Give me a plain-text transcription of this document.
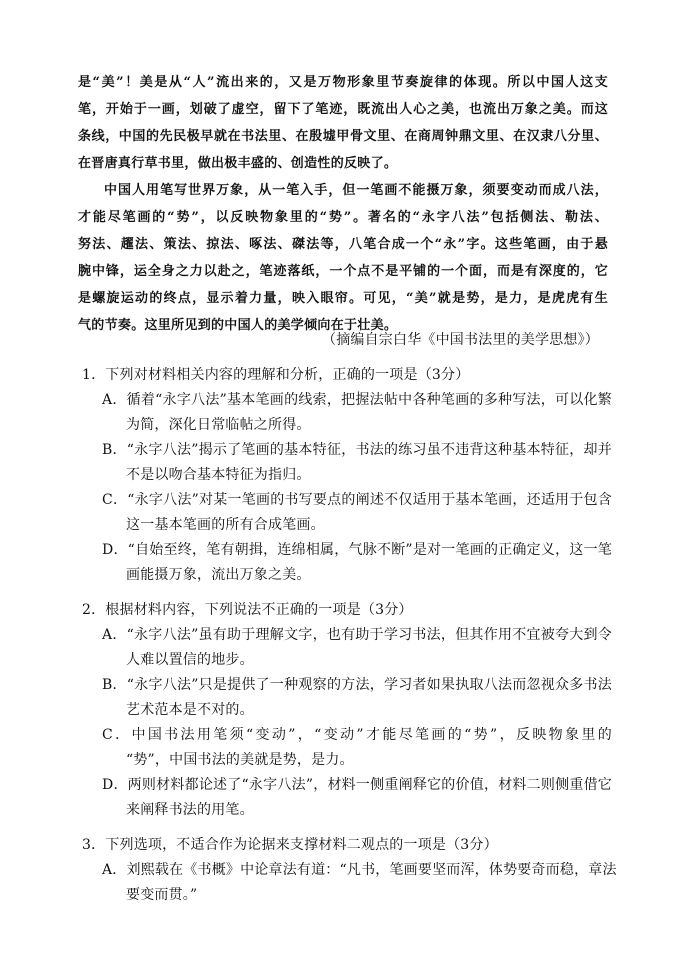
是“美”！美是从“人”流出来的，又是万物形象里节奏旋律的体现。所以中国人这支
笔，开始于一画，划破了虚空，留下了笔迹，既流出人心之美，也流出万象之美。而这
条线，中国的先民极早就在书法里、在殷墟甲骨文里、在商周钟鼎文里、在汉隶八分里、
在晋唐真行草书里，做出极丰盛的、创造性的反映了。
中国人用笔写世界万象，从一笔入手，但一笔画不能摄万象，须要变动而成八法，
才能尽笔画的“势”，以反映物象里的“势”。著名的“永字八法”包括侧法、勒法、
努法、趯法、策法、掠法、啄法、磔法等，八笔合成一个“永”字。这些笔画，由于悬
腕中锋，运全身之力以赴之，笔迹落纸，一个点不是平铺的一个面，而是有深度的，它
是螺旋运动的终点，显示着力量，映入眼帘。可见，“美”就是势，是力，是虎虎有生
气的节奏。这里所见到的中国人的美学倾向在于壮美。
（摘编自宗白华《中国书法里的美学思想》）
1．下列对材料相关内容的理解和分析，正确的一项是（3分）
A．循着“永字八法”基本笔画的线索，把握法帖中各种笔画的多种写法，可以化繁
为简，深化日常临帖之所得。
B．“永字八法”揭示了笔画的基本特征，书法的练习虽不违背这种基本特征，却并
不是以吻合基本特征为指归。
C．“永字八法”对某一笔画的书写要点的阐述不仅适用于基本笔画，还适用于包含
这一基本笔画的所有合成笔画。
D．“自始至终，笔有朝揖，连绵相属，气脉不断”是对一笔画的正确定义，这一笔
画能摄万象，流出万象之美。
2．根据材料内容，下列说法不正确的一项是（3分）
A．“永字八法”虽有助于理解文字，也有助于学习书法，但其作用不宜被夸大到令
人难以置信的地步。
B．“永字八法”只是提供了一种观察的方法，学习者如果执取八法而忽视众多书法
艺术范本是不对的。
C．中国书法用笔须“变动”，“变动”才能尽笔画的“势”，反映物象里的
“势”，中国书法的美就是势，是力。
D．两则材料都论述了“永字八法”，材料一侧重阐释它的价值，材料二则侧重借它
来阐释书法的用笔。
3．下列选项，不适合作为论据来支撑材料二观点的一项是（3分）
A．刘熙载在《书概》中论章法有道：“凡书，笔画要坚而浑，体势要奇而稳，章法
要变而贯。”
